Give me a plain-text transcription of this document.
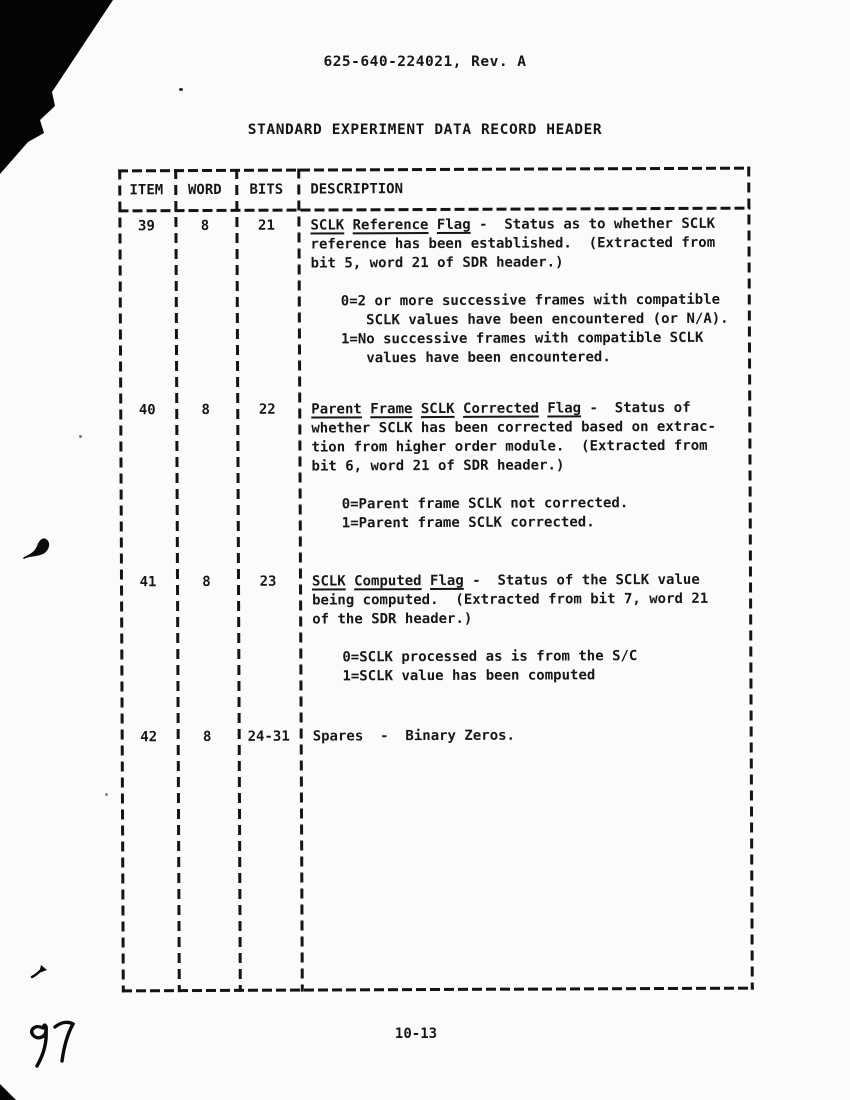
625-640-224021, Rev. A
STANDARD EXPERIMENT DATA RECORD HEADER
ITEM	WORD	BITS	DESCRIPTION
39	8	21	SCLK Reference Flag -  Status as to whether SCLK
reference has been established.  (Extracted from
bit 5, word 21 of SDR header.)
0=2 or more successive frames with compatible
SCLK values have been encountered (or N/A).
1=No successive frames with compatible SCLK
values have been encountered.
40	8	22	Parent Frame SCLK Corrected Flag -  Status of
whether SCLK has been corrected based on extrac-
tion from higher order module.  (Extracted from
bit 6, word 21 of SDR header.)
0=Parent frame SCLK not corrected.
1=Parent frame SCLK corrected.
41	8	23	SCLK Computed Flag -  Status of the SCLK value
being computed.  (Extracted from bit 7, word 21
of the SDR header.)
0=SCLK processed as is from the S/C
1=SCLK value has been computed
42	8	24-31	Spares  -  Binary Zeros.
10-13
